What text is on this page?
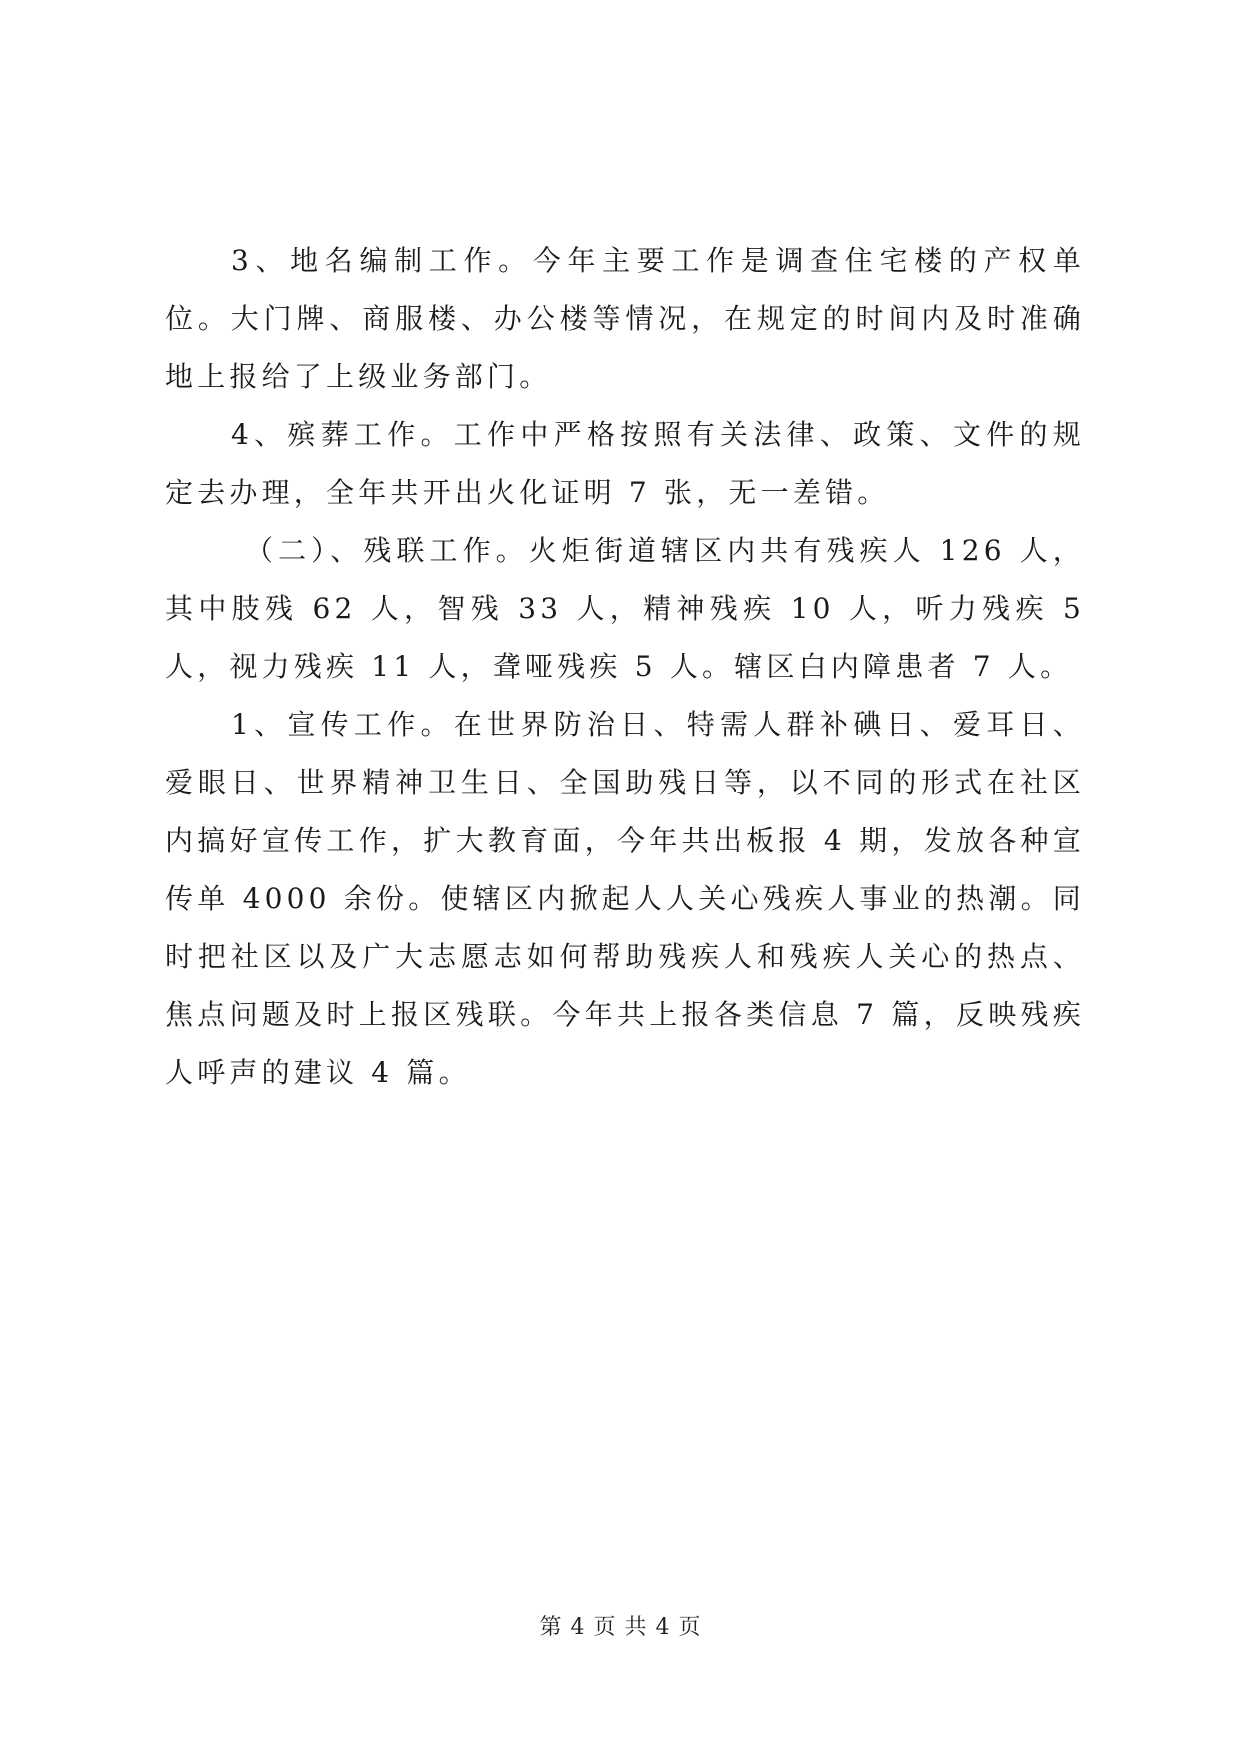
3、地名编制工作。今年主要工作是调查住宅楼的产权单位。大门牌、商服楼、办公楼等情况，在规定的时间内及时准确地上报给了上级业务部门。

4、殡葬工作。工作中严格按照有关法律、政策、文件的规定去办理，全年共开出火化证明 7 张，无一差错。

（二）、残联工作。火炬街道辖区内共有残疾人 126 人，其中肢残 62 人，智残 33 人，精神残疾 10 人，听力残疾 5 人，视力残疾 11 人，聋哑残疾 5 人。辖区白内障患者 7 人。

1、宣传工作。在世界防治日、特需人群补碘日、爱耳日、爱眼日、世界精神卫生日、全国助残日等，以不同的形式在社区内搞好宣传工作，扩大教育面，今年共出板报 4 期，发放各种宣传单 4000 余份。使辖区内掀起人人关心残疾人事业的热潮。同时把社区以及广大志愿志如何帮助残疾人和残疾人关心的热点、焦点问题及时上报区残联。今年共上报各类信息 7 篇，反映残疾人呼声的建议 4 篇。

第 4 页 共 4 页
